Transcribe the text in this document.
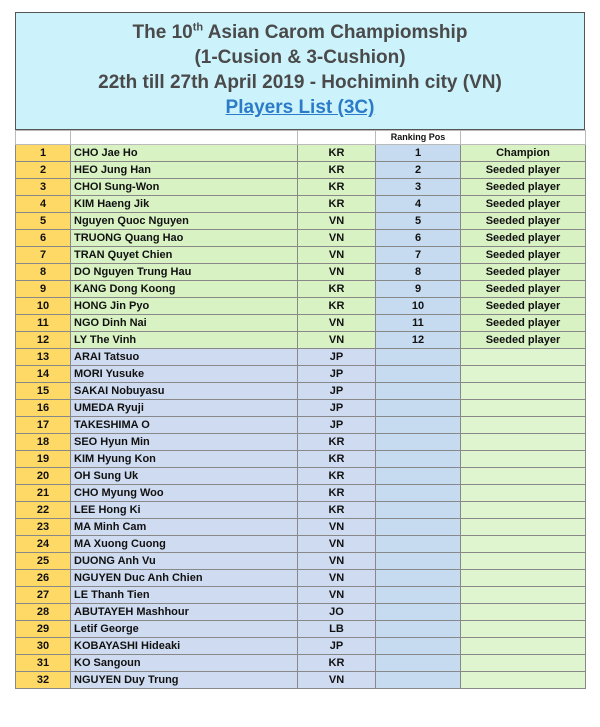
The 10th Asian Carom Champiomship
(1-Cusion & 3-Cushion)
22th till 27th April 2019 - Hochiminh city (VN)
Players List (3C)
			Ranking Pos	
1	CHO Jae Ho	KR	1	Champion
2	HEO Jung Han	KR	2	Seeded player
3	CHOI Sung-Won	KR	3	Seeded player
4	KIM Haeng Jik	KR	4	Seeded player
5	Nguyen Quoc Nguyen	VN	5	Seeded player
6	TRUONG Quang Hao	VN	6	Seeded player
7	TRAN Quyet Chien	VN	7	Seeded player
8	DO Nguyen Trung Hau	VN	8	Seeded player
9	KANG Dong Koong	KR	9	Seeded player
10	HONG Jin Pyo	KR	10	Seeded player
11	NGO Dinh Nai	VN	11	Seeded player
12	LY The Vinh	VN	12	Seeded player
13	ARAI Tatsuo	JP		
14	MORI Yusuke	JP		
15	SAKAI Nobuyasu	JP		
16	UMEDA Ryuji	JP		
17	TAKESHIMA O	JP		
18	SEO Hyun Min	KR		
19	KIM Hyung Kon	KR		
20	OH Sung Uk	KR		
21	CHO Myung Woo	KR		
22	LEE Hong Ki	KR		
23	MA Minh Cam	VN		
24	MA Xuong Cuong	VN		
25	DUONG Anh Vu	VN		
26	NGUYEN Duc Anh Chien	VN		
27	LE Thanh Tien	VN		
28	ABUTAYEH Mashhour	JO		
29	Letif George	LB		
30	KOBAYASHI Hideaki	JP		
31	KO Sangoun	KR		
32	NGUYEN Duy Trung	VN		
